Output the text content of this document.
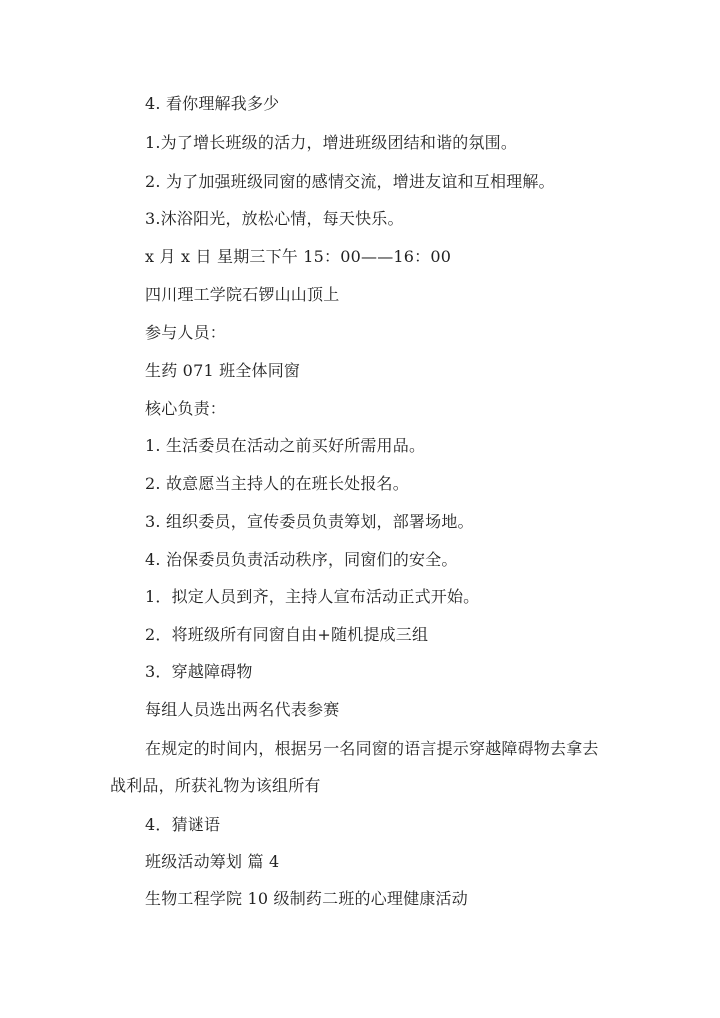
4. 看你理解我多少
1.为了增长班级的活力，增进班级团结和谐的氛围。
2. 为了加强班级同窗的感情交流，增进友谊和互相理解。
3.沐浴阳光，放松心情，每天快乐。
x 月 x 日 星期三下午 15：00——16：00
四川理工学院石锣山山顶上
参与人员：
生药 071 班全体同窗
核心负责：
1. 生活委员在活动之前买好所需用品。
2. 故意愿当主持人的在班长处报名。
3. 组织委员，宣传委员负责筹划，部署场地。
4. 治保委员负责活动秩序，同窗们的安全。
1．拟定人员到齐，主持人宣布活动正式开始。
2．将班级所有同窗自由+随机提成三组
3．穿越障碍物
每组人员选出两名代表参赛
在规定的时间内，根据另一名同窗的语言提示穿越障碍物去拿去战利品，所获礼物为该组所有
4．猜谜语
班级活动筹划 篇 4
生物工程学院 10 级制药二班的心理健康活动
